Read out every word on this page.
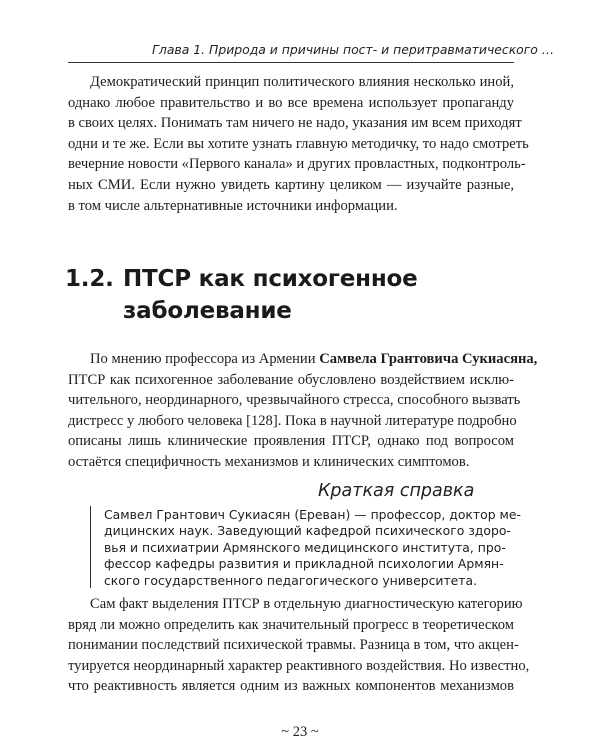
Глава 1. Природа и причины пост- и перитравматического …
Демократический принцип политического влияния несколько иной,
однако любое правительство и во все времена использует пропаганду
в своих целях. Понимать там ничего не надо, указания им всем приходят
одни и те же. Если вы хотите узнать главную методичку, то надо смотреть
вечерние новости «Первого канала» и других провластных, подконтроль-
ных СМИ. Если нужно увидеть картину целиком — изучайте разные,
в том числе альтернативные источники информации.
1.2. ПТСР как психогенное
заболевание
По мнению профессора из Армении Самвела Грантовича Сукиасяна,
ПТСР как психогенное заболевание обусловлено воздействием исклю-
чительного, неординарного, чрезвычайного стресса, способного вызвать
дистресс у любого человека [128]. Пока в научной литературе подробно
описаны лишь клинические проявления ПТСР, однако под вопросом
остаётся специфичность механизмов и клинических симптомов.
Краткая справка
Самвел Грантович Сукиасян (Ереван) — профессор, доктор ме-
дицинских наук. Заведующий кафедрой психического здоро-
вья и психиатрии Армянского медицинского института, про-
фессор кафедры развития и прикладной психологии Армян-
ского государственного педагогического университета.
Сам факт выделения ПТСР в отдельную диагностическую категорию
вряд ли можно определить как значительный прогресс в теоретическом
понимании последствий психической травмы. Разница в том, что акцен-
туируется неординарный характер реактивного воздействия. Но известно,
что реактивность является одним из важных компонентов механизмов
~ 23 ~
